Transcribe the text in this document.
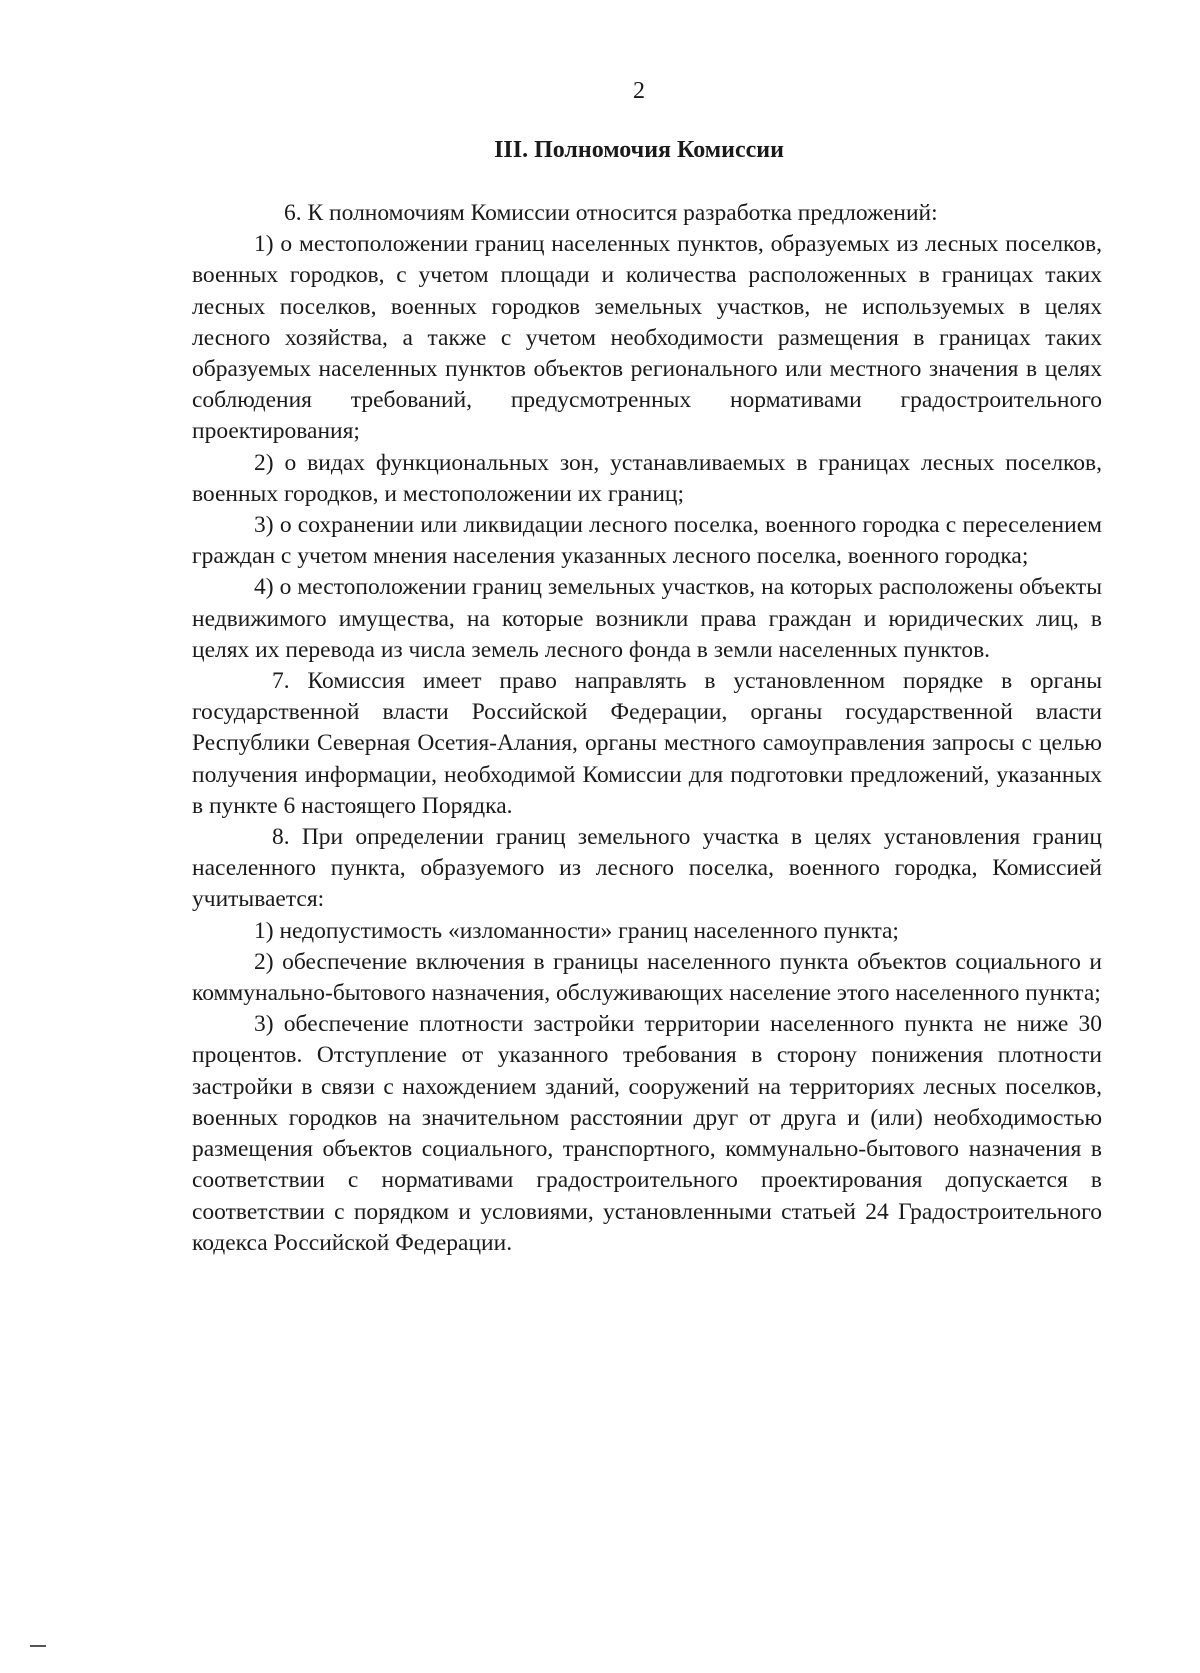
2
III. Полномочия Комиссии

6. К полномочиям Комиссии относится разработка предложений:

1) о местоположении границ населенных пунктов, образуемых из лесных поселков, военных городков, с учетом площади и количества расположенных в границах таких лесных поселков, военных городков земельных участков, не используемых в целях лесного хозяйства, а также с учетом необходимости размещения в границах таких образуемых населенных пунктов объектов регионального или местного значения в целях соблюдения требований, предусмотренных нормативами градостроительного проектирования;

2) о видах функциональных зон, устанавливаемых в границах лесных поселков, военных городков, и местоположении их границ;

3) о сохранении или ликвидации лесного поселка, военного городка с переселением граждан с учетом мнения населения указанных лесного поселка, военного городка;

4) о местоположении границ земельных участков, на которых расположены объекты недвижимого имущества, на которые возникли права граждан и юридических лиц, в целях их перевода из числа земель лесного фонда в земли населенных пунктов.

7. Комиссия имеет право направлять в установленном порядке в органы государственной власти Российской Федерации, органы государственной власти Республики Северная Осетия-Алания, органы местного самоуправления запросы с целью получения информации, необходимой Комиссии для подготовки предложений, указанных в пункте 6 настоящего Порядка.

8. При определении границ земельного участка в целях установления границ населенного пункта, образуемого из лесного поселка, военного городка, Комиссией учитывается:

1) недопустимость «изломанности» границ населенного пункта;

2) обеспечение включения в границы населенного пункта объектов социального и коммунально-бытового назначения, обслуживающих население этого населенного пункта;

3) обеспечение плотности застройки территории населенного пункта не ниже 30 процентов. Отступление от указанного требования в сторону понижения плотности застройки в связи с нахождением зданий, сооружений на территориях лесных поселков, военных городков на значительном расстоянии друг от друга и (или) необходимостью размещения объектов социального, транспортного, коммунально-бытового назначения в соответствии с нормативами градостроительного проектирования допускается в соответствии с порядком и условиями, установленными статьей 24 Градостроительного кодекса Российской Федерации.
